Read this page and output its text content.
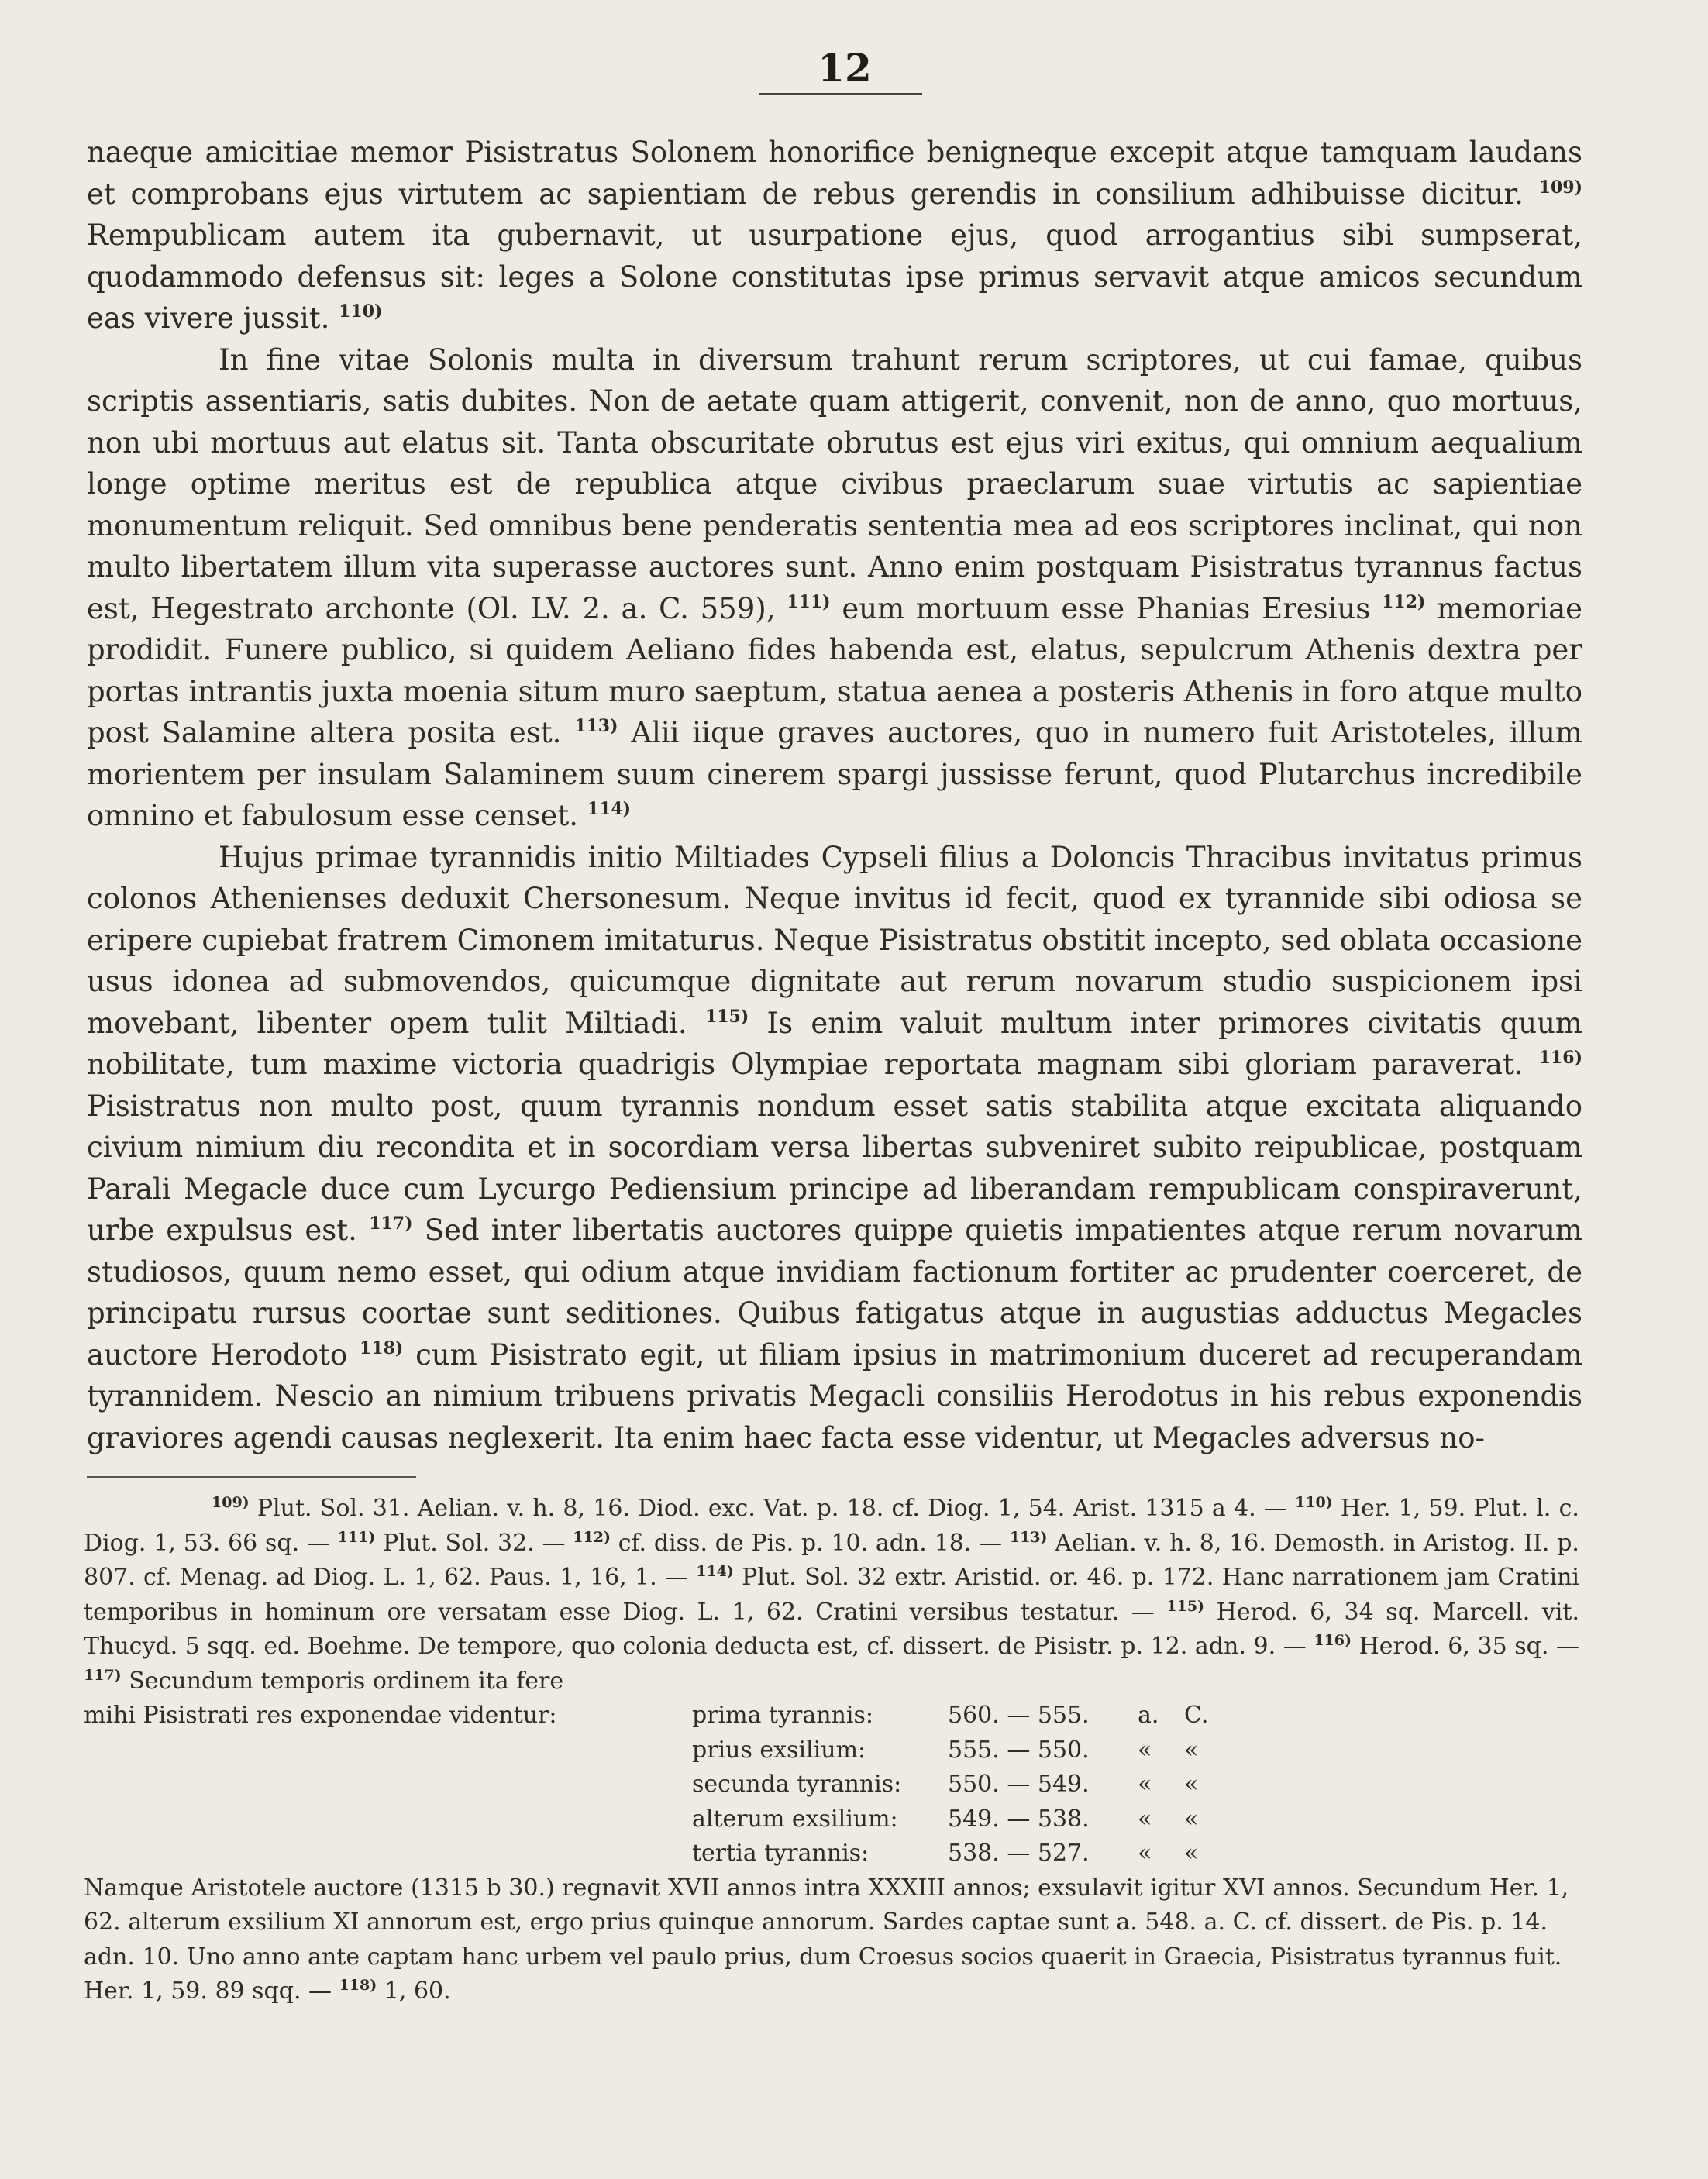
12

naeque amicitiae memor Pisistratus Solonem honorifice benigneque excepit atque tamquam laudans et comprobans ejus virtutem ac sapientiam de rebus gerendis in consilium adhibuisse dicitur. $^{109)}$ Rempublicam autem ita gubernavit, ut usurpatione ejus, quod arrogantius sibi sumpserat, quodammodo defensus sit: leges a Solone constitutas ipse primus servavit atque amicos secundum eas vivere jussit. $^{110)}$

In fine vitae Solonis multa in diversum trahunt rerum scriptores, ut cui famae, quibus scriptis assentiaris, satis dubites. Non de aetate quam attigerit, convenit, non de anno, quo mortuus, non ubi mortuus aut elatus sit. Tanta obscuritate obrutus est ejus viri exitus, qui omnium aequalium longe optime meritus est de republica atque civibus praeclarum suae virtutis ac sapientiae monumentum reliquit. Sed omnibus bene penderatis sententia mea ad eos scriptores inclinat, qui non multo libertatem illum vita superasse auctores sunt. Anno enim postquam Pisistratus tyrannus factus est, Hegestrato archonte (Ol. LV. 2. a. C. 559), $^{111)}$ eum mortuum esse Phanias Eresius $^{112)}$ memoriae prodidit. Funere publico, si quidem Aeliano fides habenda est, elatus, sepulcrum Athenis dextra per portas intrantis juxta moenia situm muro saeptum, statua aenea a posteris Athenis in foro atque multo post Salamine altera posita est. $^{113)}$ Alii iique graves auctores, quo in numero fuit Aristoteles, illum morientem per insulam Salaminem suum cinerem spargi jussisse ferunt, quod Plutarchus incredibile omnino et fabulosum esse censet. $^{114)}$

Hujus primae tyrannidis initio Miltiades Cypseli filius a Doloncis Thracibus invitatus primus colonos Athenienses deduxit Chersonesum. Neque invitus id fecit, quod ex tyrannide sibi odiosa se eripere cupiebat fratrem Cimonem imitaturus. Neque Pisistratus obstitit incepto, sed oblata occasione usus idonea ad submovendos, quicumque dignitate aut rerum novarum studio suspicionem ipsi movebant, libenter opem tulit Miltiadi. $^{115)}$ Is enim valuit multum inter primores civitatis quum nobilitate, tum maxime victoria quadrigis Olympiae reportata magnam sibi gloriam paraverat. $^{116)}$ Pisistratus non multo post, quum tyrannis nondum esset satis stabilita atque excitata aliquando civium nimium diu recondita et in socordiam versa libertas subveniret subito reipublicae, postquam Parali Megacle duce cum Lycurgo Pediensium principe ad liberandam rempublicam conspiraverunt, urbe expulsus est. $^{117)}$ Sed inter libertatis auctores quippe quietis impatientes atque rerum novarum studiosos, quum nemo esset, qui odium atque invidiam factionum fortiter ac prudenter coerceret, de principatu rursus coortae sunt seditiones. Quibus fatigatus atque in augustias adductus Megacles auctore Herodoto $^{118)}$ cum Pisistrato egit, ut filiam ipsius in matrimonium duceret ad recuperandam tyrannidem. Nescio an nimium tribuens privatis Megacli consiliis Herodotus in his rebus exponendis graviores agendi causas neglexerit. Ita enim haec facta esse videntur, ut Megacles adversus no-

$^{109)}$ Plut. Sol. 31. Aelian. v. h. 8, 16. Diod. exc. Vat. p. 18. cf. Diog. 1, 54. Arist. 1315 a 4. — $^{110)}$ Her. 1, 59. Plut. l. c. Diog. 1, 53. 66 sq. — $^{111)}$ Plut. Sol. 32. — $^{112)}$ cf. diss. de Pis. p. 10. adn. 18. — $^{113)}$ Aelian. v. h. 8, 16. Demosth. in Aristog. II. p. 807. cf. Menag. ad Diog. L. 1, 62. Paus. 1, 16, 1. — $^{114)}$ Plut. Sol. 32 extr. Aristid. or. 46. p. 172. Hanc narrationem jam Cratini temporibus in hominum ore versatam esse Diog. L. 1, 62. Cratini versibus testatur. — $^{115)}$ Herod. 6, 34 sq. Marcell. vit. Thucyd. 5 sqq. ed. Boehme. De tempore, quo colonia deducta est, cf. dissert. de Pisistr. p. 12. adn. 9. — $^{116)}$ Herod. 6, 35 sq. — $^{117)}$ Secundum temporis ordinem ita fere

mihi Pisistrati res exponendae videntur:	prima tyrannis:	560. — 555.	a.	C.
prius exsilium:	555. — 550.	«	«
secunda tyrannis:	550. — 549.	«	«
alterum exsilium:	549. — 538.	«	«
tertia tyrannis:	538. — 527.	«	«

Namque Aristotele auctore (1315 b 30.) regnavit XVII annos intra XXXIII annos; exsulavit igitur XVI annos. Secundum Her. 1, 62. alterum exsilium XI annorum est, ergo prius quinque annorum. Sardes captae sunt a. 548. a. C. cf. dissert. de Pis. p. 14. adn. 10. Uno anno ante captam hanc urbem vel paulo prius, dum Croesus socios quaerit in Graecia, Pisistratus tyrannus fuit. Her. 1, 59. 89 sqq. — $^{118)}$ 1, 60.
